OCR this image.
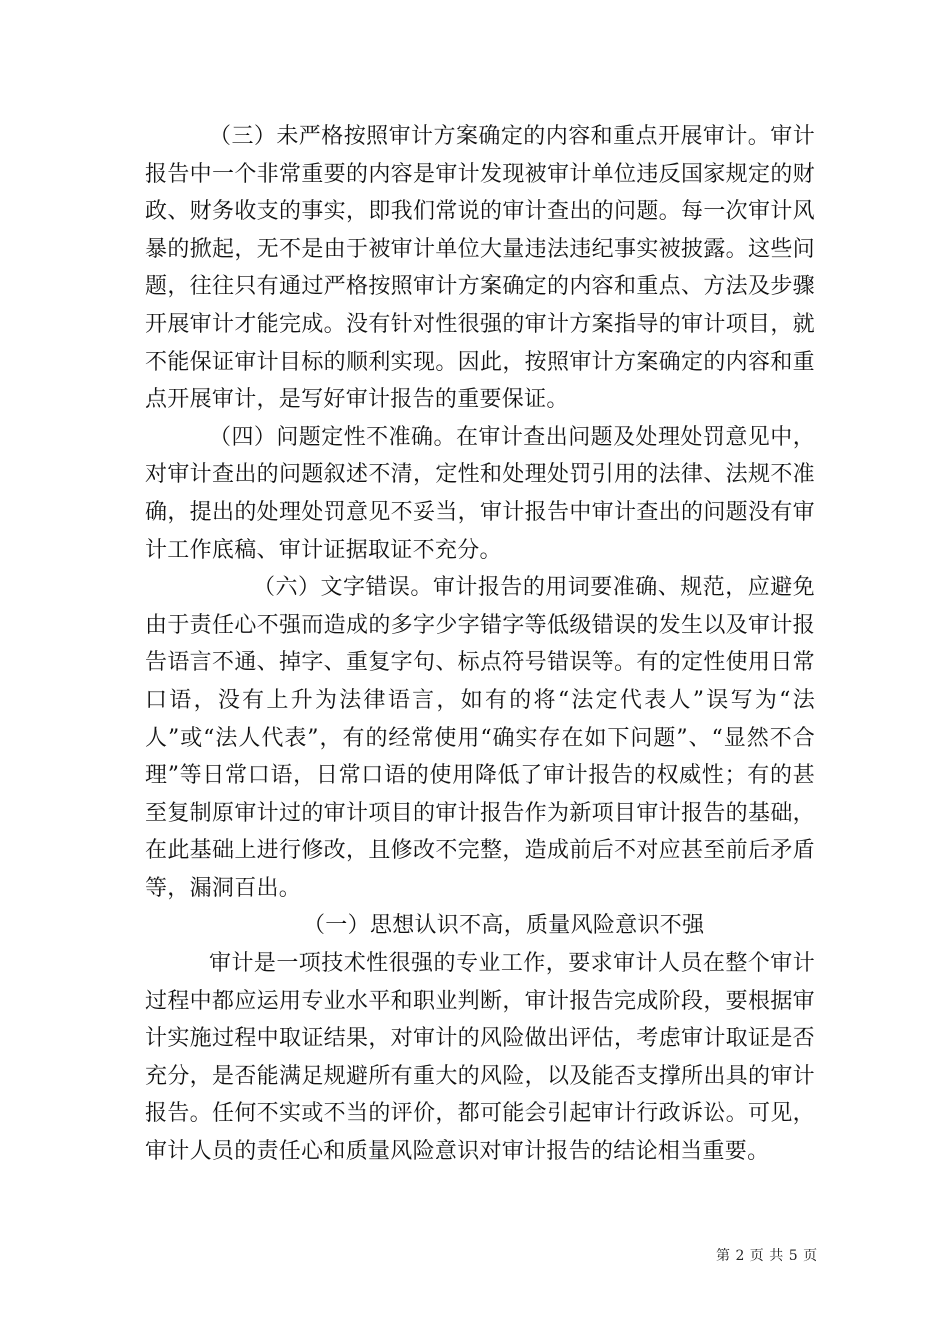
（三）未严格按照审计方案确定的内容和重点开展审计。审计报告中一个非常重要的内容是审计发现被审计单位违反国家规定的财政、财务收支的事实，即我们常说的审计查出的问题。每一次审计风暴的掀起，无不是由于被审计单位大量违法违纪事实被披露。这些问题，往往只有通过严格按照审计方案确定的内容和重点、方法及步骤开展审计才能完成。没有针对性很强的审计方案指导的审计项目，就不能保证审计目标的顺利实现。因此，按照审计方案确定的内容和重点开展审计，是写好审计报告的重要保证。

（四）问题定性不准确。在审计查出问题及处理处罚意见中，对审计查出的问题叙述不清，定性和处理处罚引用的法律、法规不准确，提出的处理处罚意见不妥当，审计报告中审计查出的问题没有审计工作底稿、审计证据取证不充分。

（六）文字错误。审计报告的用词要准确、规范，应避免由于责任心不强而造成的多字少字错字等低级错误的发生以及审计报告语言不通、掉字、重复字句、标点符号错误等。有的定性使用日常口语，没有上升为法律语言，如有的将“法定代表人”误写为“法人”或“法人代表”，有的经常使用“确实存在如下问题”、“显然不合理”等日常口语，日常口语的使用降低了审计报告的权威性；有的甚至复制原审计过的审计项目的审计报告作为新项目审计报告的基础，在此基础上进行修改，且修改不完整，造成前后不对应甚至前后矛盾等，漏洞百出。

（一）思想认识不高，质量风险意识不强

审计是一项技术性很强的专业工作，要求审计人员在整个审计过程中都应运用专业水平和职业判断，审计报告完成阶段，要根据审计实施过程中取证结果，对审计的风险做出评估，考虑审计取证是否充分，是否能满足规避所有重大的风险，以及能否支撑所出具的审计报告。任何不实或不当的评价，都可能会引起审计行政诉讼。可见，审计人员的责任心和质量风险意识对审计报告的结论相当重要。

第 2 页 共 5 页
